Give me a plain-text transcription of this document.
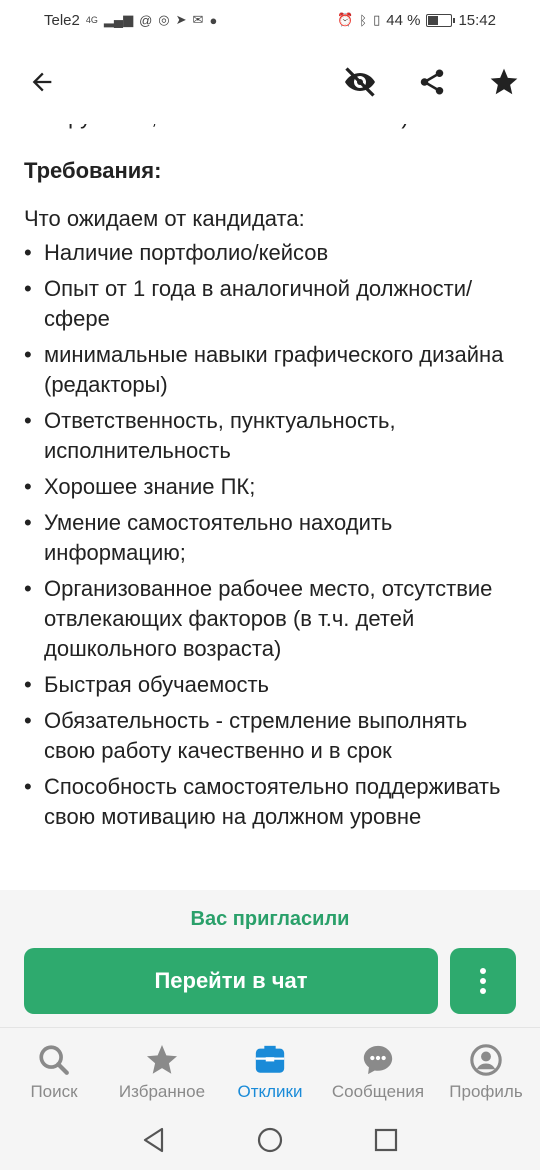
Tele2 4G ▂▄▆ @ ◎ ➤ ✉ ●	⏰ ᛒ ▯ 44 %	15:42
Требования:
Что ожидаем от кандидата:
• Наличие портфолио/кейсов
• Опыт от 1 года в аналогичной должности/сфере
• минимальные навыки графического дизайна (редакторы)
• Ответственность, пунктуальность, исполнительность
• Хорошее знание ПК;
• Умение самостоятельно находить информацию;
• Организованное рабочее место, отсутствие отвлекающих факторов (в т.ч. детей дошкольного возраста)
• Быстрая обучаемость
• Обязательность - стремление выполнять свою работу качественно и в срок
• Способность самостоятельно поддерживать свою мотивацию на должном уровне
Вас пригласили
Перейти в чат
Поиск Избранное Отклики Сообщения Профиль
